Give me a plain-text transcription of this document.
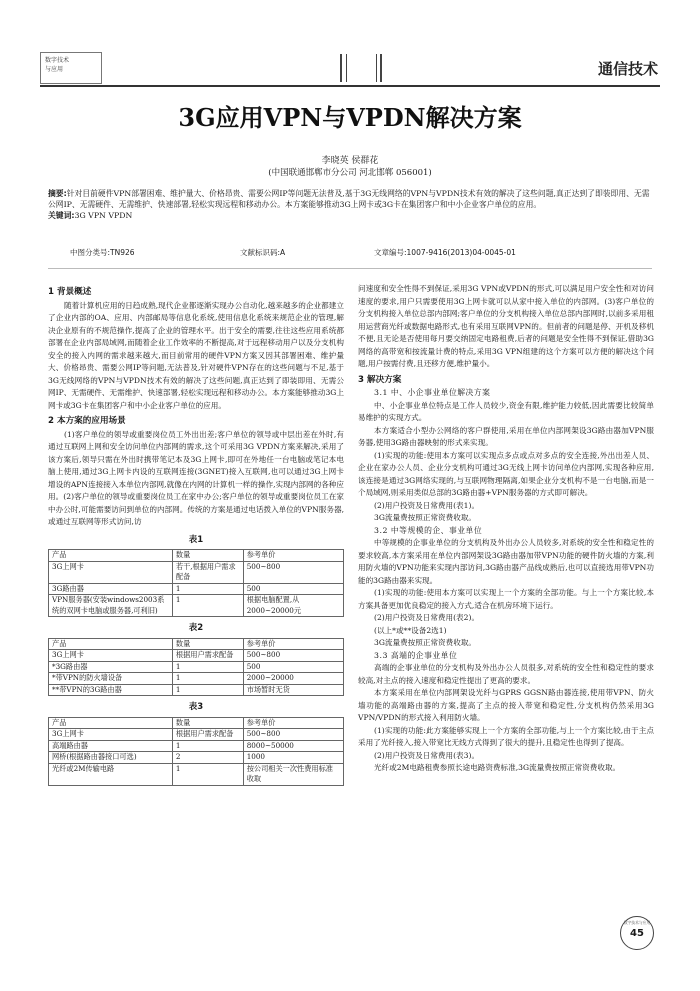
数字技术
与应用	通信技术
3G应用VPN与VPDN解决方案
李晓英 侯群花
(中国联通邯郸市分公司 河北邯郸 056001)
摘要:针对目前硬件VPN部署困难、维护量大、价格昂贵、需要公网IP等问题无法普及,基于3G无线网络的VPN与VPDN技术有效的解决了这些问题,真正达到了即装即用、无需公网IP、无需硬件、无需维护、快速部署,轻松实现远程和移动办公。本方案能够推动3G上网卡或3G卡在集团客户和中小企业客户单位的应用。
关键词:3G VPN VPDN
中图分类号:TN926	文献标识码:A	文章编号:1007-9416(2013)04-0045-01
1 背景概述

随着计算机应用的日趋成熟,现代企业都逐渐实现办公自动化,越来越多的企业都建立了企业内部的OA、应用、内部邮局等信息化系统,使用信息化系统来规范企业的管理,解决企业原有的不规范操作,提高了企业的管理水平。出于安全的需要,往往这些应用系统都部署在企业内部局域网,而随着企业工作效率的不断提高,对于远程移动用户以及分支机构安全的接入内网的需求越来越大,而目前常用的硬件VPN方案又因其部署困难、维护量大、价格昂贵、需要公网IP等问题,无法普及,针对硬件VPN存在的这些问题与不足,基于3G无线网络的VPN与VPDN技术有效的解决了这些问题,真正达到了即装即用、无需公网IP、无需硬件、无需维护、快速部署,轻松实现远程和移动办公。本方案能够推动3G上网卡或3G卡在集团客户和中小企业客户单位的应用。

2 本方案的应用场景

(1)客户单位的领导或重要岗位员工外出出差;客户单位的领导或中层出差在外时,有通过互联网上网和安全访问单位内部网的需求,这个可采用3G VPDN方案来解决,采用了该方案后,领导只需在外出时携带笔记本及3G上网卡,即可在外地任一台电脑或笔记本电脑上使用,通过3G上网卡内设的互联网连接(3GNET)接入互联网,也可以通过3G上网卡增设的APN连接接入本单位内部网,就像在内网的计算机一样的操作,实现内部网的各种应用。(2)客户单位的领导或重要岗位员工在家中办公;客户单位的领导或重要岗位员工在家中办公时,可能需要访问到单位的内部网。传统的方案是通过电话拨入单位的VPN服务器,或通过互联网等形式访问,访

表1
产品	数量	参考单价
3G上网卡	若干,根据用户需求配备	500~800
3G路由器	1	500
VPN服务器(安装windows2003系统的双网卡电脑或服务器,可利旧)	1	根据电脑配置,从2000~20000元
表2
产品	数量	参考单价
3G上网卡	根据用户需求配备	500~800
*3G路由器	1	500
*带VPN的防火墙设备	1	2000~20000
**带VPN的3G路由器	1	市场暂时无货
表3
产品	数量	参考单价
3G上网卡	根据用户需求配备	500~800
高端路由器	1	8000~50000
网桥(根据路由器接口可选)	2	1000
光纤或2M传输电路	1	按公司相关一次性费用标准收取

问速度和安全性得不到保证,采用3G VPN或VPDN的形式,可以满足用户安全性和对访问速度的要求,用户只需要使用3G上网卡就可以从家中接入单位的内部网。(3)客户单位的分支机构接入单位总部内部网;客户单位的分支机构接入单位总部内部网时,以前多采用租用运营商光纤或数据电路形式,也有采用互联网VPN的。但前者的问题是停、开机及移机不便,且无论是否使用每月要交纳固定电路租费,后者的问题是安全性得不到保证,借助3G网络的高带宽和按流量计费的特点,采用3G VPN组建的这个方案可以方便的解决这个问题,用户按需付费,且还移方便,维护量小。

3 解决方案
3.1 中、小企事业单位解决方案

中、小企事业单位特点是工作人员较少,资金有限,维护能力较低,因此需要比较简单易维护的实现方式。

本方案适合小型办公网络的客户群使用,采用在单位内部网架设3G路由器加VPN服务器,使用3G路由器映射的形式来实现。

(1)实现的功能:使用本方案可以实现点多点或点对多点的安全连接,外出出差人员、企业在家办公人员、企业分支机构可通过3G无线上网卡访问单位内部网,实现各种应用,该连接是通过3G网络实现的,与互联网物理隔离,如果企业分支机构不是一台电脑,而是一个局域网,则采用类似总部的3G路由器+VPN服务器的方式即可解决。

(2)用户投资及日常费用(表1)。

3G流量费按照正常资费收取。

3.2 中等规模的企、事业单位

中等规模的企事业单位的分支机构及外出办公人员较多,对系统的安全性和稳定性的要求较高,本方案采用在单位内部网架设3G路由器加带VPN功能的硬件防火墙的方案,利用防火墙的VPN功能来实现内部访问,3G路由器产品线成熟后,也可以直接选用带VPN功能的3G路由器来实现。

(1)实现的功能:使用本方案可以实现上一个方案的全部功能。与上一个方案比较,本方案具备更加优良稳定的接入方式,适合在机房环境下运行。

(2)用户投资及日常费用(表2)。

(以上*或**设备2选1)

3G流量费按照正常资费收取。

3.3 高端的企事业单位

高端的企事业单位的分支机构及外出办公人员很多,对系统的安全性和稳定性的要求较高,对主点的接入速度和稳定性提出了更高的要求。

本方案采用在单位内部网架设光纤与GPRS GGSN路由器连接,使用带VPN、防火墙功能的高端路由器的方案,提高了主点的接入带宽和稳定性,分支机构仍然采用3G VPN/VPDN的形式接入利用防火墙。

(1)实现的功能:此方案能够实现上一个方案的全部功能,与上一个方案比较,由于主点采用了光纤接入,接入带宽比无线方式得到了很大的提升,且稳定性也得到了提高。

(2)用户投资及日常费用(表3)。

光纤或2M电路租费参照长途电路资费标准,3G流量费按照正常资费收取。

数字技术与应用
45
